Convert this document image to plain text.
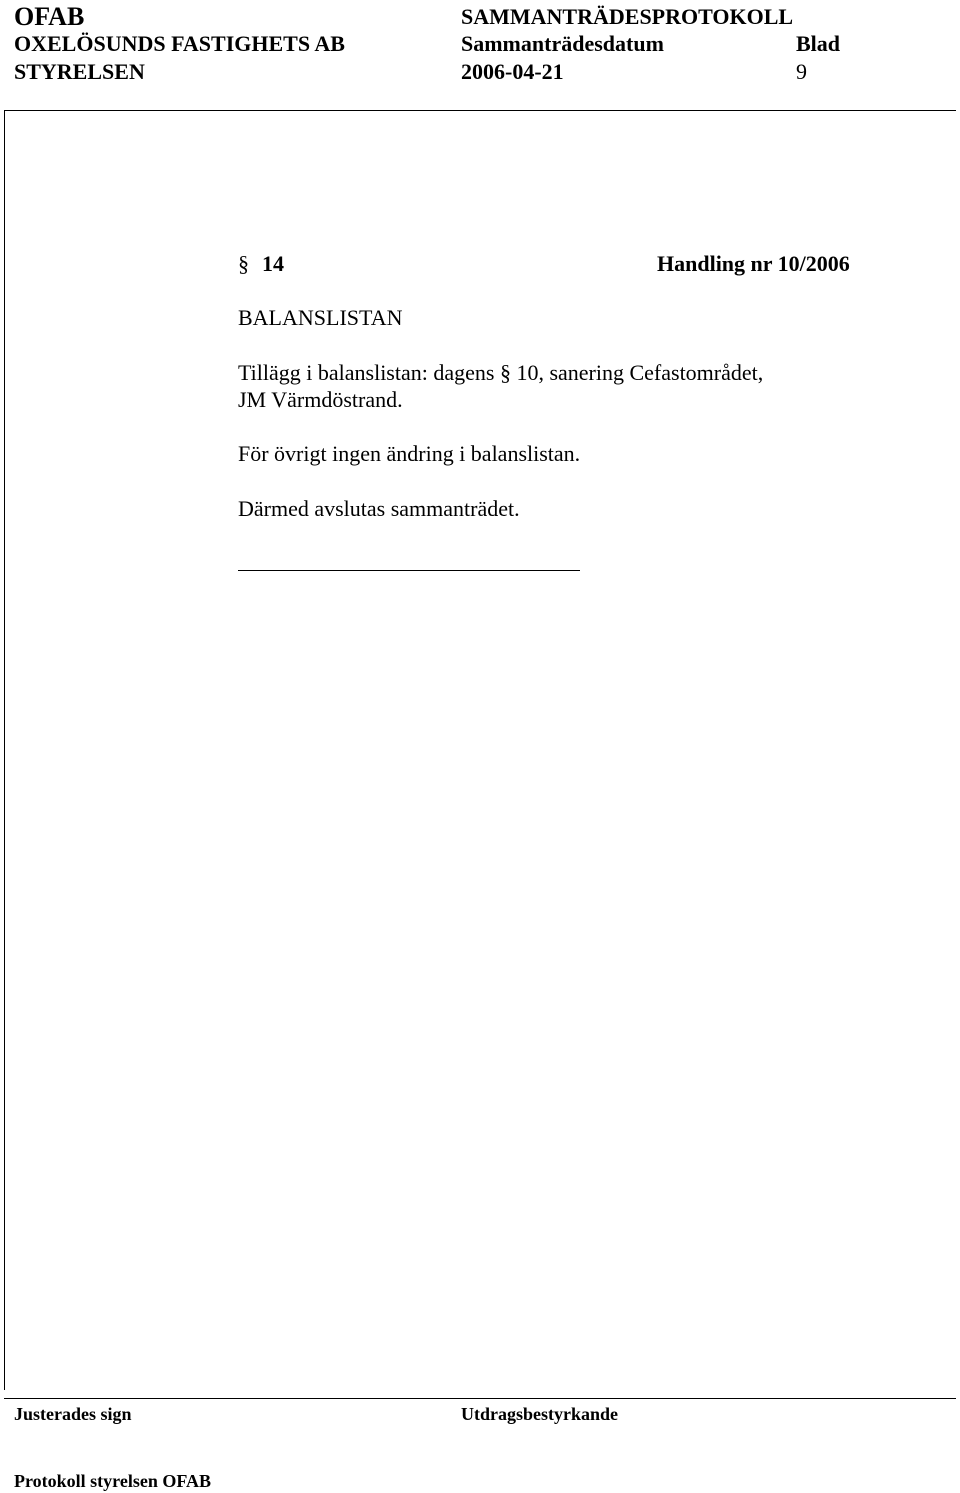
OFAB
OXELÖSUNDS FASTIGHETS AB
STYRELSEN
SAMMANTRÄDESPROTOKOLL
Sammanträdesdatum
2006-04-21
Blad
9
§ 14	Handling nr 10/2006
BALANSLISTAN
Tillägg i balanslistan: dagens § 10, sanering Cefastområdet,
JM Värmdöstrand.
För övrigt ingen ändring i balanslistan.
Därmed avslutas sammanträdet.
Justerades sign	Utdragsbestyrkande
Protokoll styrelsen OFAB
